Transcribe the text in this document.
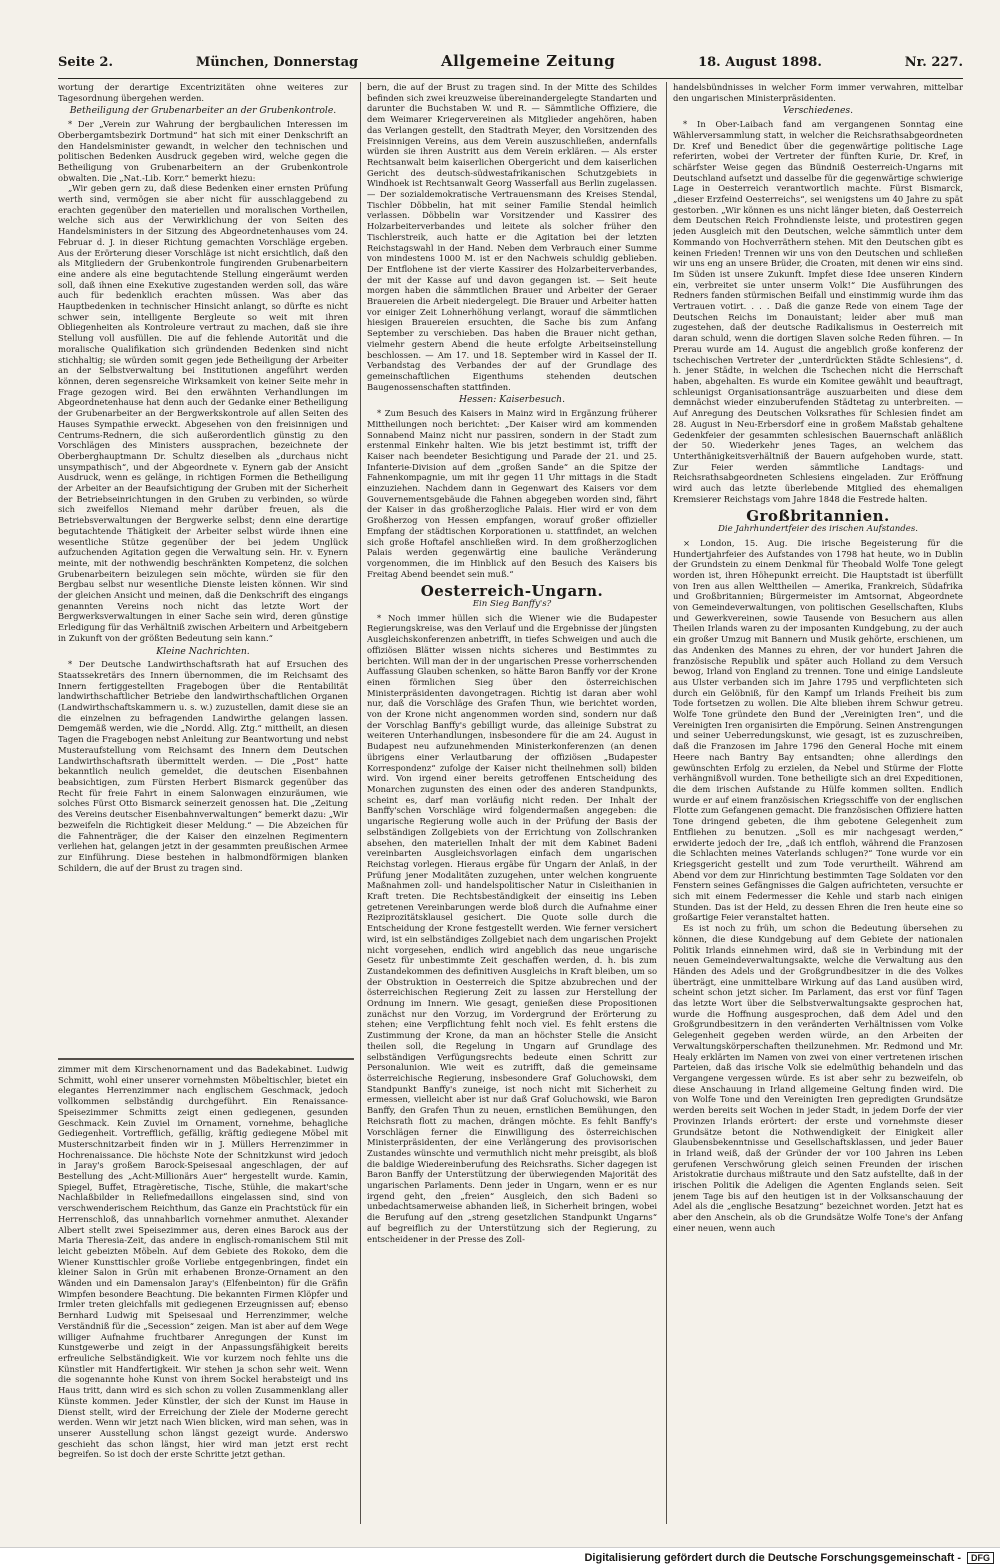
Seite 2.	München, Donnerstag	Allgemeine Zeitung	18. August 1898.	Nr. 227.

wortung der derartige Excentrizitäten ohne weiteres zur Tagesordnung übergehen werden.

Betheiligung der Grubenarbeiter an der Grubenkontrole.

* Der „Verein zur Wahrung der bergbaulichen Interessen im Oberbergamtsbezirk Dortmund“ hat sich mit einer Denkschrift an den Handelsminister gewandt, in welcher den technischen und politischen Bedenken Ausdruck gegeben wird, welche gegen die Betheiligung von Grubenarbeitern an der Grubenkontrole obwalten. Die „Nat.-Lib. Korr.“ bemerkt hiezu:

„Wir geben gern zu, daß diese Bedenken einer ernsten Prüfung werth sind, vermögen sie aber nicht für ausschlaggebend zu erachten gegenüber den materiellen und moralischen Vortheilen, welche sich aus der Verwirklichung der von Seiten des Handelsministers in der Sitzung des Abgeordnetenhauses vom 24. Februar d. J. in dieser Richtung gemachten Vorschläge ergeben. Aus der Erörterung dieser Vorschläge ist nicht ersichtlich, daß den als Mitgliedern der Grubenkontrole fungirenden Grubenarbeitern eine andere als eine begutachtende Stellung eingeräumt werden soll, daß ihnen eine Exekutive zugestanden werden soll, das wäre auch für bedenklich erachten müssen. Was aber das Hauptbedenken in technischer Hinsicht anlangt, so dürfte es nicht schwer sein, intelligente Bergleute so weit mit ihren Obliegenheiten als Kontroleure vertraut zu machen, daß sie ihre Stellung voll ausfüllen. Die auf die fehlende Autorität und die moralische Qualifikation sich gründenden Bedenken sind nicht stichhaltig; sie würden somit gegen jede Betheiligung der Arbeiter an der Selbstverwaltung bei Institutionen angeführt werden können, deren segensreiche Wirksamkeit von keiner Seite mehr in Frage gezogen wird. Bei den erwähnten Verhandlungen im Abgeordnetenhause hat denn auch der Gedanke einer Betheiligung der Grubenarbeiter an der Bergwerkskontrole auf allen Seiten des Hauses Sympathie erweckt. Abgesehen von den freisinnigen und Centrums-Rednern, die sich außerordentlich günstig zu den Vorschlägen des Ministers aussprachen, bezeichnete der Oberberghauptmann Dr. Schultz dieselben als „durchaus nicht unsympathisch“, und der Abgeordnete v. Eynern gab der Ansicht Ausdruck, wenn es gelänge, in richtigen Formen die Betheiligung der Arbeiter an der Beaufsichtigung der Gruben mit der Sicherheit der Betriebseinrichtungen in den Gruben zu verbinden, so würde sich zweifellos Niemand mehr darüber freuen, als die Betriebsverwaltungen der Bergwerke selbst; denn eine derartige begutachtende Thätigkeit der Arbeiter selbst würde ihnen eine wesentliche Stütze gegenüber der bei jedem Unglück aufzuchenden Agitation gegen die Verwaltung sein. Hr. v. Eynern meinte, mit der nothwendig beschränkten Kompetenz, die solchen Grubenarbeitern beizulegen sein möchte, würden sie für den Bergbau selbst nur wesentliche Dienste leisten können. Wir sind der gleichen Ansicht und meinen, daß die Denkschrift des eingangs genannten Vereins noch nicht das letzte Wort der Bergwerksverwaltungen in einer Sache sein wird, deren günstige Erledigung für das Verhältniß zwischen Arbeitern und Arbeitgebern in Zukunft von der größten Bedeutung sein kann.“

Kleine Nachrichten.

* Der Deutsche Landwirthschaftsrath hat auf Ersuchen des Staatssekretärs des Innern übernommen, die im Reichsamt des Innern fertiggestellten Fragebogen über die Rentabilität landwirthschaftlicher Betriebe den landwirthschaftlichen Organen (Landwirthschaftskammern u. s. w.) zuzustellen, damit diese sie an die einzelnen zu befragenden Landwirthe gelangen lassen. Demgemäß werden, wie die „Nordd. Allg. Ztg.“ mittheilt, an diesen Tagen die Fragebogen nebst Anleitung zur Beantwortung und nebst Musteraufstellung vom Reichsamt des Innern dem Deutschen Landwirthschaftsrath übermittelt werden. — Die „Post“ hatte bekanntlich neulich gemeldet, die deutschen Eisenbahnen beabsichtigen, zum Fürsten Herbert Bismarck gegenüber das Recht für freie Fahrt in einem Salonwagen einzuräumen, wie solches Fürst Otto Bismarck seinerzeit genossen hat. Die „Zeitung des Vereins deutscher Eisenbahnverwaltungen“ bemerkt dazu: „Wir bezweifeln die Richtigkeit dieser Meldung.“ — Die Abzeichen für die Fahnenträger, die der Kaiser den einzelnen Regimentern verliehen hat, gelangen jetzt in der gesammten preußischen Armee zur Einführung. Diese bestehen in halbmondförmigen blanken Schildern, die auf der Brust zu tragen sind.

zimmer mit dem Kirschenornament und das Badekabinet. Ludwig Schmitt, wohl einer unserer vornehmsten Möbeltischler, bietet ein elegantes Herrenzimmer nach englischem Geschmack, jedoch vollkommen selbständig durchgeführt. Ein Renaissance-Speisezimmer Schmitts zeigt einen gediegenen, gesunden Geschmack. Kein Zuviel im Ornament, vornehme, behagliche Gediegenheit. Vortrefflich, gefällig, kräftig gediegene Möbel mit Musterschnitzarbeit finden wir in J. Müllers Herrenzimmer in Hochrenaissance. Die höchste Note der Schnitzkunst wird jedoch in Jaray's großem Barock-Speisesaal angeschlagen, der auf Bestellung des „Acht-Millionärs Auer“ hergestellt wurde. Kamin, Spiegel, Buffet, Etragèretische, Tische, Stühle, die makart'sche Nachlaßbilder in Reliefmedaillons eingelassen sind, sind von verschwenderischem Reichthum, das Ganze ein Prachtstück für ein Herrenschloß, das unnahbarlich vornehmer anmuthet. Alexander Albert stellt zwei Speisezimmer aus, deren eines Barock aus der Maria Theresia-Zeit, das andere in englisch-romanischem Stil mit leicht gebeizten Möbeln. Auf dem Gebiete des Rokoko, dem die Wiener Kunsttischler große Vorliebe entgegenbringen, findet ein kleiner Salon in Grün mit erhabenen Bronze-Ornament an den Wänden und ein Damensalon Jaray's (Elfenbeinton) für die Gräfin Wimpfen besondere Beachtung. Die bekannten Firmen Klöpfer und Irmler treten gleichfalls mit gediegenen Erzeugnissen auf; ebenso Bernhard Ludwig mit Speisesaal und Herrenzimmer, welche Verständniß für die „Secession“ zeigen. Man ist aber auf dem Wege williger Aufnahme fruchtbarer Anregungen der Kunst im Kunstgewerbe und zeigt in der Anpassungsfähigkeit bereits erfreuliche Selbständigkeit. Wie vor kurzem noch fehlte uns die Künstler mit Handfertigkeit. Wir stehen ja schon sehr weit. Wenn die sogenannte hohe Kunst von ihrem Sockel herabsteigt und ins Haus tritt, dann wird es sich schon zu vollen Zusammenklang aller Künste kommen. Jeder Künstler, der sich der Kunst im Hause in Dienst stellt, wird der Erreichung der Ziele der Moderne gerecht werden. Wenn wir jetzt nach Wien blicken, wird man sehen, was in unserer Ausstellung schon längst gezeigt wurde. Anderswo geschieht das schon längst, hier wird man jetzt erst recht begreifen. So ist doch der erste Schritte jetzt gethan.

bern, die auf der Brust zu tragen sind. In der Mitte des Schildes befinden sich zwei kreuzweise übereinandergelegte Standarten und darunter die Buchstaben W. und R. — Sämmtliche Offiziere, die dem Weimarer Kriegervereinen als Mitglieder angehören, haben das Verlangen gestellt, den Stadtrath Meyer, den Vorsitzenden des Freisinnigen Vereins, aus dem Verein auszuschließen, andernfalls würden sie ihren Austritt aus dem Verein erklären. — Als erster Rechtsanwalt beim kaiserlichen Obergericht und dem kaiserlichen Gericht des deutsch-südwestafrikanischen Schutzgebiets in Windhoek ist Rechtsanwalt Georg Wasserfall aus Berlin zugelassen. — Der sozialdemokratische Vertrauensmann des Kreises Stendal, Tischler Döbbelin, hat mit seiner Familie Stendal heimlich verlassen. Döbbelin war Vorsitzender und Kassirer des Holzarbeiterverbandes und leitete als solcher früher den Tischlerstreik, auch hatte er die Agitation bei der letzten Reichstagswahl in der Hand. Neben dem Verbrauch einer Summe von mindestens 1000 M. ist er den Nachweis schuldig geblieben. Der Entflohene ist der vierte Kassirer des Holzarbeiterverbandes, der mit der Kasse auf und davon gegangen ist. — Seit heute morgen haben die sämmtlichen Brauer und Arbeiter der Geraer Brauereien die Arbeit niedergelegt. Die Brauer und Arbeiter hatten vor einiger Zeit Lohnerhöhung verlangt, worauf die sämmtlichen hiesigen Brauereien ersuchten, die Sache bis zum Anfang September zu verschieben. Das haben die Brauer nicht gethan, vielmehr gestern Abend die heute erfolgte Arbeitseinstellung beschlossen. — Am 17. und 18. September wird in Kassel der II. Verbandstag des Verbandes der auf der Grundlage des gemeinschaftlichen Eigenthums stehenden deutschen Baugenossenschaften stattfinden.

Hessen: Kaiserbesuch.

* Zum Besuch des Kaisers in Mainz wird in Ergänzung früherer Mittheilungen noch berichtet: „Der Kaiser wird am kommenden Sonnabend Mainz nicht nur passiren, sondern in der Stadt zum erstenmal Einkehr halten. Wie bis jetzt bestimmt ist, trifft der Kaiser nach beendeter Besichtigung und Parade der 21. und 25. Infanterie-Division auf dem „großen Sande“ an die Spitze der Fahnenkompagnie, um mit ihr gegen 11 Uhr mittags in die Stadt einzuziehen. Nachdem dann in Gegenwart des Kaisers vor dem Gouvernementsgebäude die Fahnen abgegeben worden sind, fährt der Kaiser in das großherzogliche Palais. Hier wird er von dem Großherzog von Hessen empfangen, worauf großer offizieller Empfang der städtischen Korporationen u. stattfindet, an welchen sich große Hoftafel anschließen wird. In dem großherzoglichen Palais werden gegenwärtig eine bauliche Veränderung vorgenommen, die im Hinblick auf den Besuch des Kaisers bis Freitag Abend beendet sein muß.“

Oesterreich-Ungarn.
Ein Sieg Banffy's?

* Noch immer hüllen sich die Wiener wie die Budapester Regierungskreise, was den Verlauf und die Ergebnisse der jüngsten Ausgleichskonferenzen anbetrifft, in tiefes Schweigen und auch die offiziösen Blätter wissen nichts sicheres und Bestimmtes zu berichten. Will man der in der ungarischen Presse vorherrschenden Auffassung Glauben schenken, so hätte Baron Banffy vor der Krone einen förmlichen Sieg über den österreichischen Ministerpräsidenten davongetragen. Richtig ist daran aber wohl nur, daß die Vorschläge des Grafen Thun, wie berichtet worden, von der Krone nicht angenommen worden sind, sondern nur daß der Vorschlag Banffy's gebilligt wurde, das alleinige Substrat zu weiteren Unterhandlungen, insbesondere für die am 24. August in Budapest neu aufzunehmenden Ministerkonferenzen (an denen übrigens einer Verlautbarung der offiziösen „Budapester Korrespondenz“ zufolge der Kaiser nicht theilnehmen soll) bilden wird. Von irgend einer bereits getroffenen Entscheidung des Monarchen zugunsten des einen oder des anderen Standpunkts, scheint es, darf man vorläufig nicht reden. Der Inhalt der Banffy'schen Vorschläge wird folgendermaßen angegeben: die ungarische Regierung wolle auch in der Prüfung der Basis der selbständigen Zollgebiets von der Errichtung von Zollschranken absehen, den materiellen Inhalt der mit dem Kabinet Badeni vereinbarten Ausgleichsvorlagen einfach dem ungarischen Reichstag vorlegen. Hieraus ergäbe für Ungarn der Anlaß, in der Prüfung jener Modalitäten zuzugehen, unter welchen kongruente Maßnahmen zoll- und handelspolitischer Natur in Cisleithanien in Kraft treten. Die Rechtsbeständigkeit der einseitig ins Leben getretenen Vereinbarungen werde bloß durch die Aufnahme einer Reziprozitätsklausel gesichert. Die Quote solle durch die Entscheidung der Krone festgestellt werden. Wie ferner versichert wird, ist ein selbständiges Zollgebiet nach dem ungarischen Projekt nicht vorgesehen, endlich wird angeblich das neue ungarische Gesetz für unbestimmte Zeit geschaffen werden, d. h. bis zum Zustandekommen des definitiven Ausgleichs in Kraft bleiben, um so der Obstruktion in Oesterreich die Spitze abzubrechen und der österreichischen Regierung Zeit zu lassen zur Herstellung der Ordnung im Innern. Wie gesagt, genießen diese Propositionen zunächst nur den Vorzug, im Vordergrund der Erörterung zu stehen; eine Verpflichtung fehlt noch viel. Es fehlt erstens die Zustimmung der Krone, da man an höchster Stelle die Ansicht theilen soll, die Regelung in Ungarn auf Grundlage des selbständigen Verfügungsrechts bedeute einen Schritt zur Personalunion. Wie weit es zutrifft, daß die gemeinsame österreichische Regierung, insbesondere Graf Goluchowski, dem Standpunkt Banffy's zuneige, ist noch nicht mit Sicherheit zu ermessen, vielleicht aber ist nur daß Graf Goluchowski, wie Baron Banffy, den Grafen Thun zu neuen, ernstlichen Bemühungen, den Reichsrath flott zu machen, drängen möchte. Es fehlt Banffy's Vorschlägen ferner die Einwilligung des österreichischen Ministerpräsidenten, der eine Verlängerung des provisorischen Zustandes wünschte und vermuthlich nicht mehr preisgibt, als bloß die baldige Wiedereinberufung des Reichsraths. Sicher dagegen ist Baron Banffy der Unterstützung der überwiegenden Majorität des ungarischen Parlaments. Denn jeder in Ungarn, wenn er es nur irgend geht, den „freien“ Ausgleich, den sich Badeni so unbedachtsamerweise abhanden ließ, in Sicherheit bringen, wobei die Berufung auf den „streng gesetzlichen Standpunkt Ungarns“ auf begreiflich zu der Unterstützung sich der Regierung, zu entscheidener in der Presse des Zoll-

handelsbündnisses in welcher Form immer verwahren, mittelbar den ungarischen Ministerpräsidenten.

Verschiedenes.

* In Ober-Laibach fand am vergangenen Sonntag eine Wählerversammlung statt, in welcher die Reichsrathsabgeordneten Dr. Kref und Benedict über die gegenwärtige politische Lage referirten, wobei der Vertreter der fünften Kurie, Dr. Kref, in schärfster Weise gegen das Bündniß Oesterreich-Ungarns mit Deutschland aufsetzt und dasselbe für die gegenwärtige schwierige Lage in Oesterreich verantwortlich machte. Fürst Bismarck, „dieser Erzfeind Oesterreichs“, sei wenigstens um 40 Jahre zu spät gestorben. „Wir können es uns nicht länger bieten, daß Oesterreich dem Deutschen Reich Frohndienste leiste, und protestiren gegen jeden Ausgleich mit den Deutschen, welche sämmtlich unter dem Kommando von Hochverräthern stehen. Mit den Deutschen gibt es keinen Frieden! Trennen wir uns von den Deutschen und schließen wir uns eng an unsere Brüder, die Croaten, mit denen wir eins sind. Im Süden ist unsere Zukunft. Impfet diese Idee unseren Kindern ein, verbreitet sie unter unserm Volk!“ Die Ausführungen des Redners fanden stürmischen Beifall und einstimmig wurde ihm das Vertrauen votirt. . . . Daß die ganze Rede von einem Tage der Deutschen Reichs im Donauistant; leider aber muß man zugestehen, daß der deutsche Radikalismus in Oesterreich mit daran schuld, wenn die dortigen Slaven solche Reden führen. — In Prerau wurde am 14. August die angeblich große konferenz der tschechischen Vertreter der „unterdrückten Städte Schlesiens“, d. h. jener Städte, in welchen die Tschechen nicht die Herrschaft haben, abgehalten. Es wurde ein Komitee gewählt und beauftragt, schleunigst Organisationsanträge auszuarbeiten und diese dem demnächst wieder einzuberufenden Städtetag zu unterbreiten. — Auf Anregung des Deutschen Volksrathes für Schlesien findet am 28. August in Neu-Erbersdorf eine in großem Maßstab gehaltene Gedenkfeier der gesammten schlesischen Bauernschaft anläßlich der 50. Wiederkehr jenes Tages, an welchem das Unterthänigkeitsverhältniß der Bauern aufgehoben wurde, statt. Zur Feier werden sämmtliche Landtags- und Reichsrathsabgeordneten Schlesiens eingeladen. Zur Eröffnung wird auch das letzte überlebende Mitglied des ehemaligen Kremsierer Reichstags vom Jahre 1848 die Festrede halten.

Großbritannien.
Die Jahrhundertfeier des irischen Aufstandes.

× London, 15. Aug. Die irische Begeisterung für die Hundertjahrfeier des Aufstandes von 1798 hat heute, wo in Dublin der Grundstein zu einem Denkmal für Theobald Wolfe Tone gelegt worden ist, ihren Höhepunkt erreicht. Die Hauptstadt ist überfüllt von Iren aus allen Welttheilen — Amerika, Frankreich, Südafrika und Großbritannien; Bürgermeister im Amtsornat, Abgeordnete von Gemeindeverwaltungen, von politischen Gesellschaften, Klubs und Gewerkvereinen, sowie Tausende von Besuchern aus allen Theilen Irlands waren zu der imposanten Kundgebung, zu der auch ein großer Umzug mit Bannern und Musik gehörte, erschienen, um das Andenken des Mannes zu ehren, der vor hundert Jahren die französische Republik und später auch Holland zu dem Versuch bewog, Irland von England zu trennen. Tone und einige Landsleute aus Ulster verbanden sich im Jahre 1795 und verpflichteten sich durch ein Gelöbniß, für den Kampf um Irlands Freiheit bis zum Tode fortsetzen zu wollen. Die Alte blieben ihrem Schwur getreu. Wolfe Tone gründete den Bund der „Vereinigten Iren“, und die Vereinigten Iren organisirten die Empörung. Seinen Anstrengungen und seiner Ueberredungskunst, wie gesagt, ist es zuzuschreiben, daß die Franzosen im Jahre 1796 den General Hoche mit einem Heere nach Bantry Bay entsandten; ohne allerdings den gewünschten Erfolg zu erzielen, da Nebel und Stürme der Flotte verhängnißvoll wurden. Tone betheiligte sich an drei Expeditionen, die dem irischen Aufstande zu Hülfe kommen sollten. Endlich wurde er auf einem französischen Kriegsschiffe von der englischen Flotte zum Gefangenen gemacht. Die französischen Offiziere hatten Tone dringend gebeten, die ihm gebotene Gelegenheit zum Entfliehen zu benutzen. „Soll es mir nachgesagt werden,“ erwiderte jedoch der Ire, „daß ich entfloh, während die Franzosen die Schlachten meines Vaterlands schlugen?“ Tone wurde vor ein Kriegsgericht gestellt und zum Tode verurtheilt. Während am Abend vor dem zur Hinrichtung bestimmten Tage Soldaten vor den Fenstern seines Gefängnisses die Galgen aufrichteten, versuchte er sich mit einem Federmesser die Kehle und starb nach einigen Stunden. Das ist der Held, zu dessen Ehren die Iren heute eine so großartige Feier veranstaltet hatten.

Es ist noch zu früh, um schon die Bedeutung übersehen zu können, die diese Kundgebung auf dem Gebiete der nationalen Politik Irlands einnehmen wird, daß sie in Verbindung mit der neuen Gemeindeverwaltungsakte, welche die Verwaltung aus den Händen des Adels und der Großgrundbesitzer in die des Volkes überträgt, eine unmittelbare Wirkung auf das Land ausüben wird, scheint schon jetzt sicher. Im Parlament, das erst vor fünf Tagen das letzte Wort über die Selbstverwaltungsakte gesprochen hat, wurde die Hoffnung ausgesprochen, daß dem Adel und den Großgrundbesitzern in den veränderten Verhältnissen vom Volke Gelegenheit gegeben werden würde, an den Arbeiten der Verwaltungskörperschaften theilzunehmen. Mr. Redmond und Mr. Healy erklärten im Namen von zwei von einer vertretenen irischen Parteien, daß das irische Volk sie edelmüthig behandeln und das Vergangene vergessen würde. Es ist aber sehr zu bezweifeln, ob diese Anschauung in Irland allgemeine Geltung finden wird. Die von Wolfe Tone und den Vereinigten Iren gepredigten Grundsätze werden bereits seit Wochen in jeder Stadt, in jedem Dorfe der vier Provinzen Irlands erörtert: der erste und vornehmste dieser Grundsätze betont die Nothwendigkeit der Einigkeit aller Glaubensbekenntnisse und Gesellschaftsklassen, und jeder Bauer in Irland weiß, daß der Gründer der vor 100 Jahren ins Leben gerufenen Verschwörung gleich seinen Freunden der irischen Aristokratie durchaus mißtraute und den Satz aufstellte, daß in der irischen Politik die Adeligen die Agenten Englands seien. Seit jenem Tage bis auf den heutigen ist in der Volksanschauung der Adel als die „englische Besatzung“ bezeichnet worden. Jetzt hat es aber den Anschein, als ob die Grundsätze Wolfe Tone's der Anfang einer neuen, wenn auch

Digitalisierung gefördert durch die Deutsche Forschungsgemeinschaft -	DFG
